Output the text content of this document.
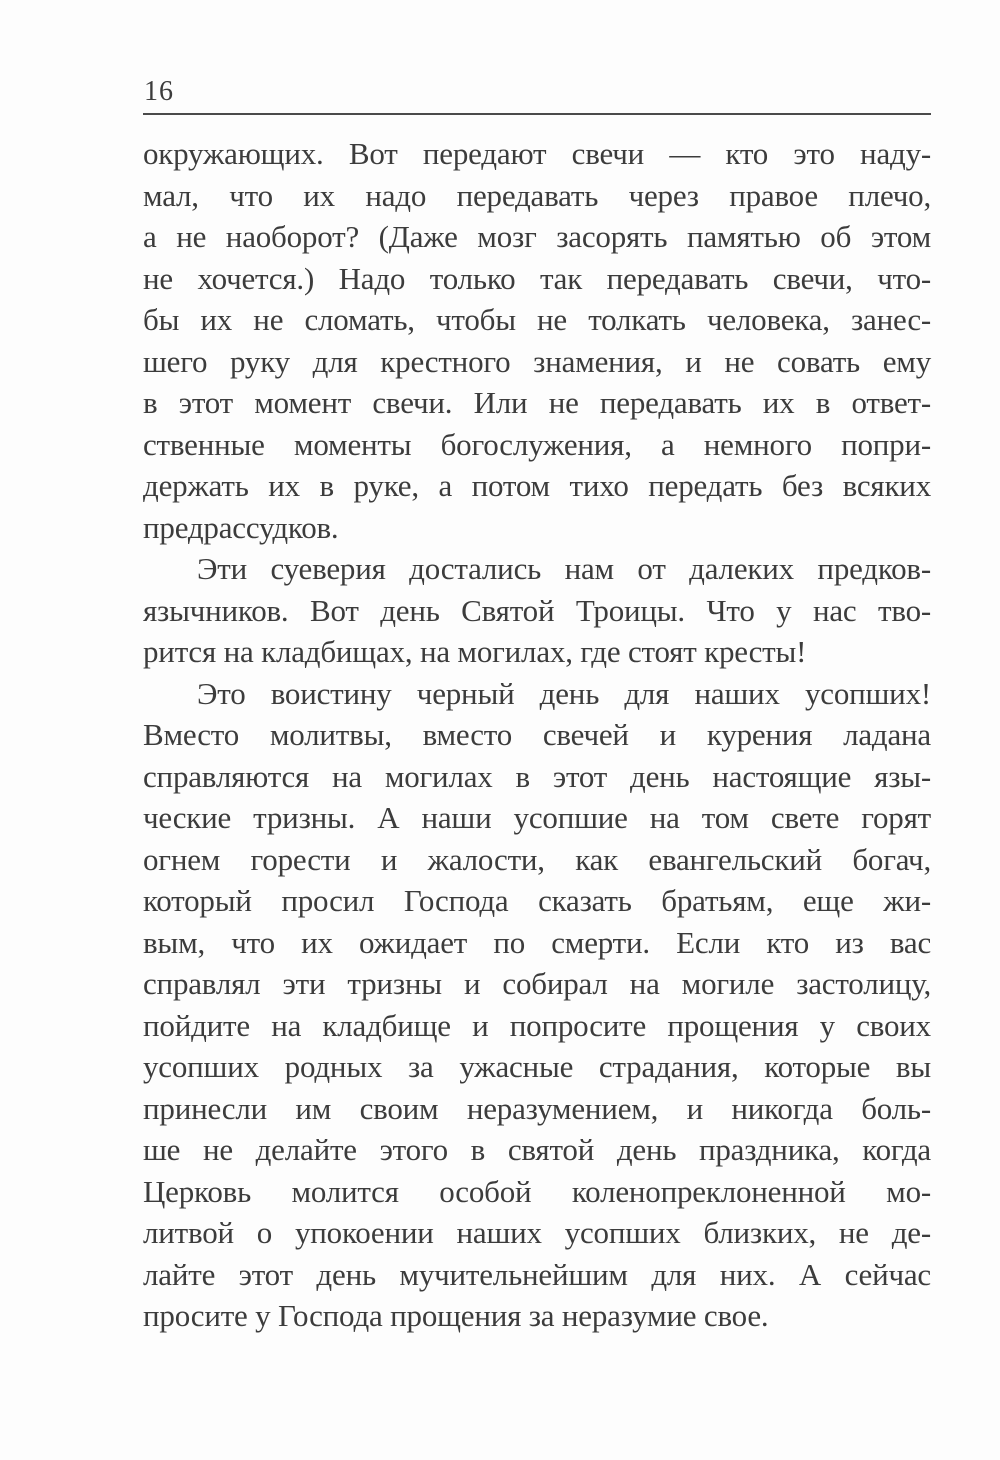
16
окружающих. Вот передают свечи — кто это наду-
мал, что их надо передавать через правое плечо,
а не наоборот? (Даже мозг засорять памятью об этом
не хочется.) Надо только так передавать свечи, что-
бы их не сломать, чтобы не толкать человека, занес-
шего руку для крестного знамения, и не совать ему
в этот момент свечи. Или не передавать их в ответ-
ственные моменты богослужения, а немного попри-
держать их в руке, а потом тихо передать без всяких
предрассудков.
Эти суеверия достались нам от далеких предков-
язычников. Вот день Святой Троицы. Что у нас тво-
рится на кладбищах, на могилах, где стоят кресты!
Это воистину черный день для наших усопших!
Вместо молитвы, вместо свечей и курения ладана
справляются на могилах в этот день настоящие язы-
ческие тризны. А наши усопшие на том свете горят
огнем горести и жалости, как евангельский богач,
который просил Господа сказать братьям, еще жи-
вым, что их ожидает по смерти. Если кто из вас
справлял эти тризны и собирал на могиле застолицу,
пойдите на кладбище и попросите прощения у своих
усопших родных за ужасные страдания, которые вы
принесли им своим неразумением, и никогда боль-
ше не делайте этого в святой день праздника, когда
Церковь молится особой коленопреклоненной мо-
литвой о упокоении наших усопших близких, не де-
лайте этот день мучительнейшим для них. А сейчас
просите у Господа прощения за неразумие свое.
